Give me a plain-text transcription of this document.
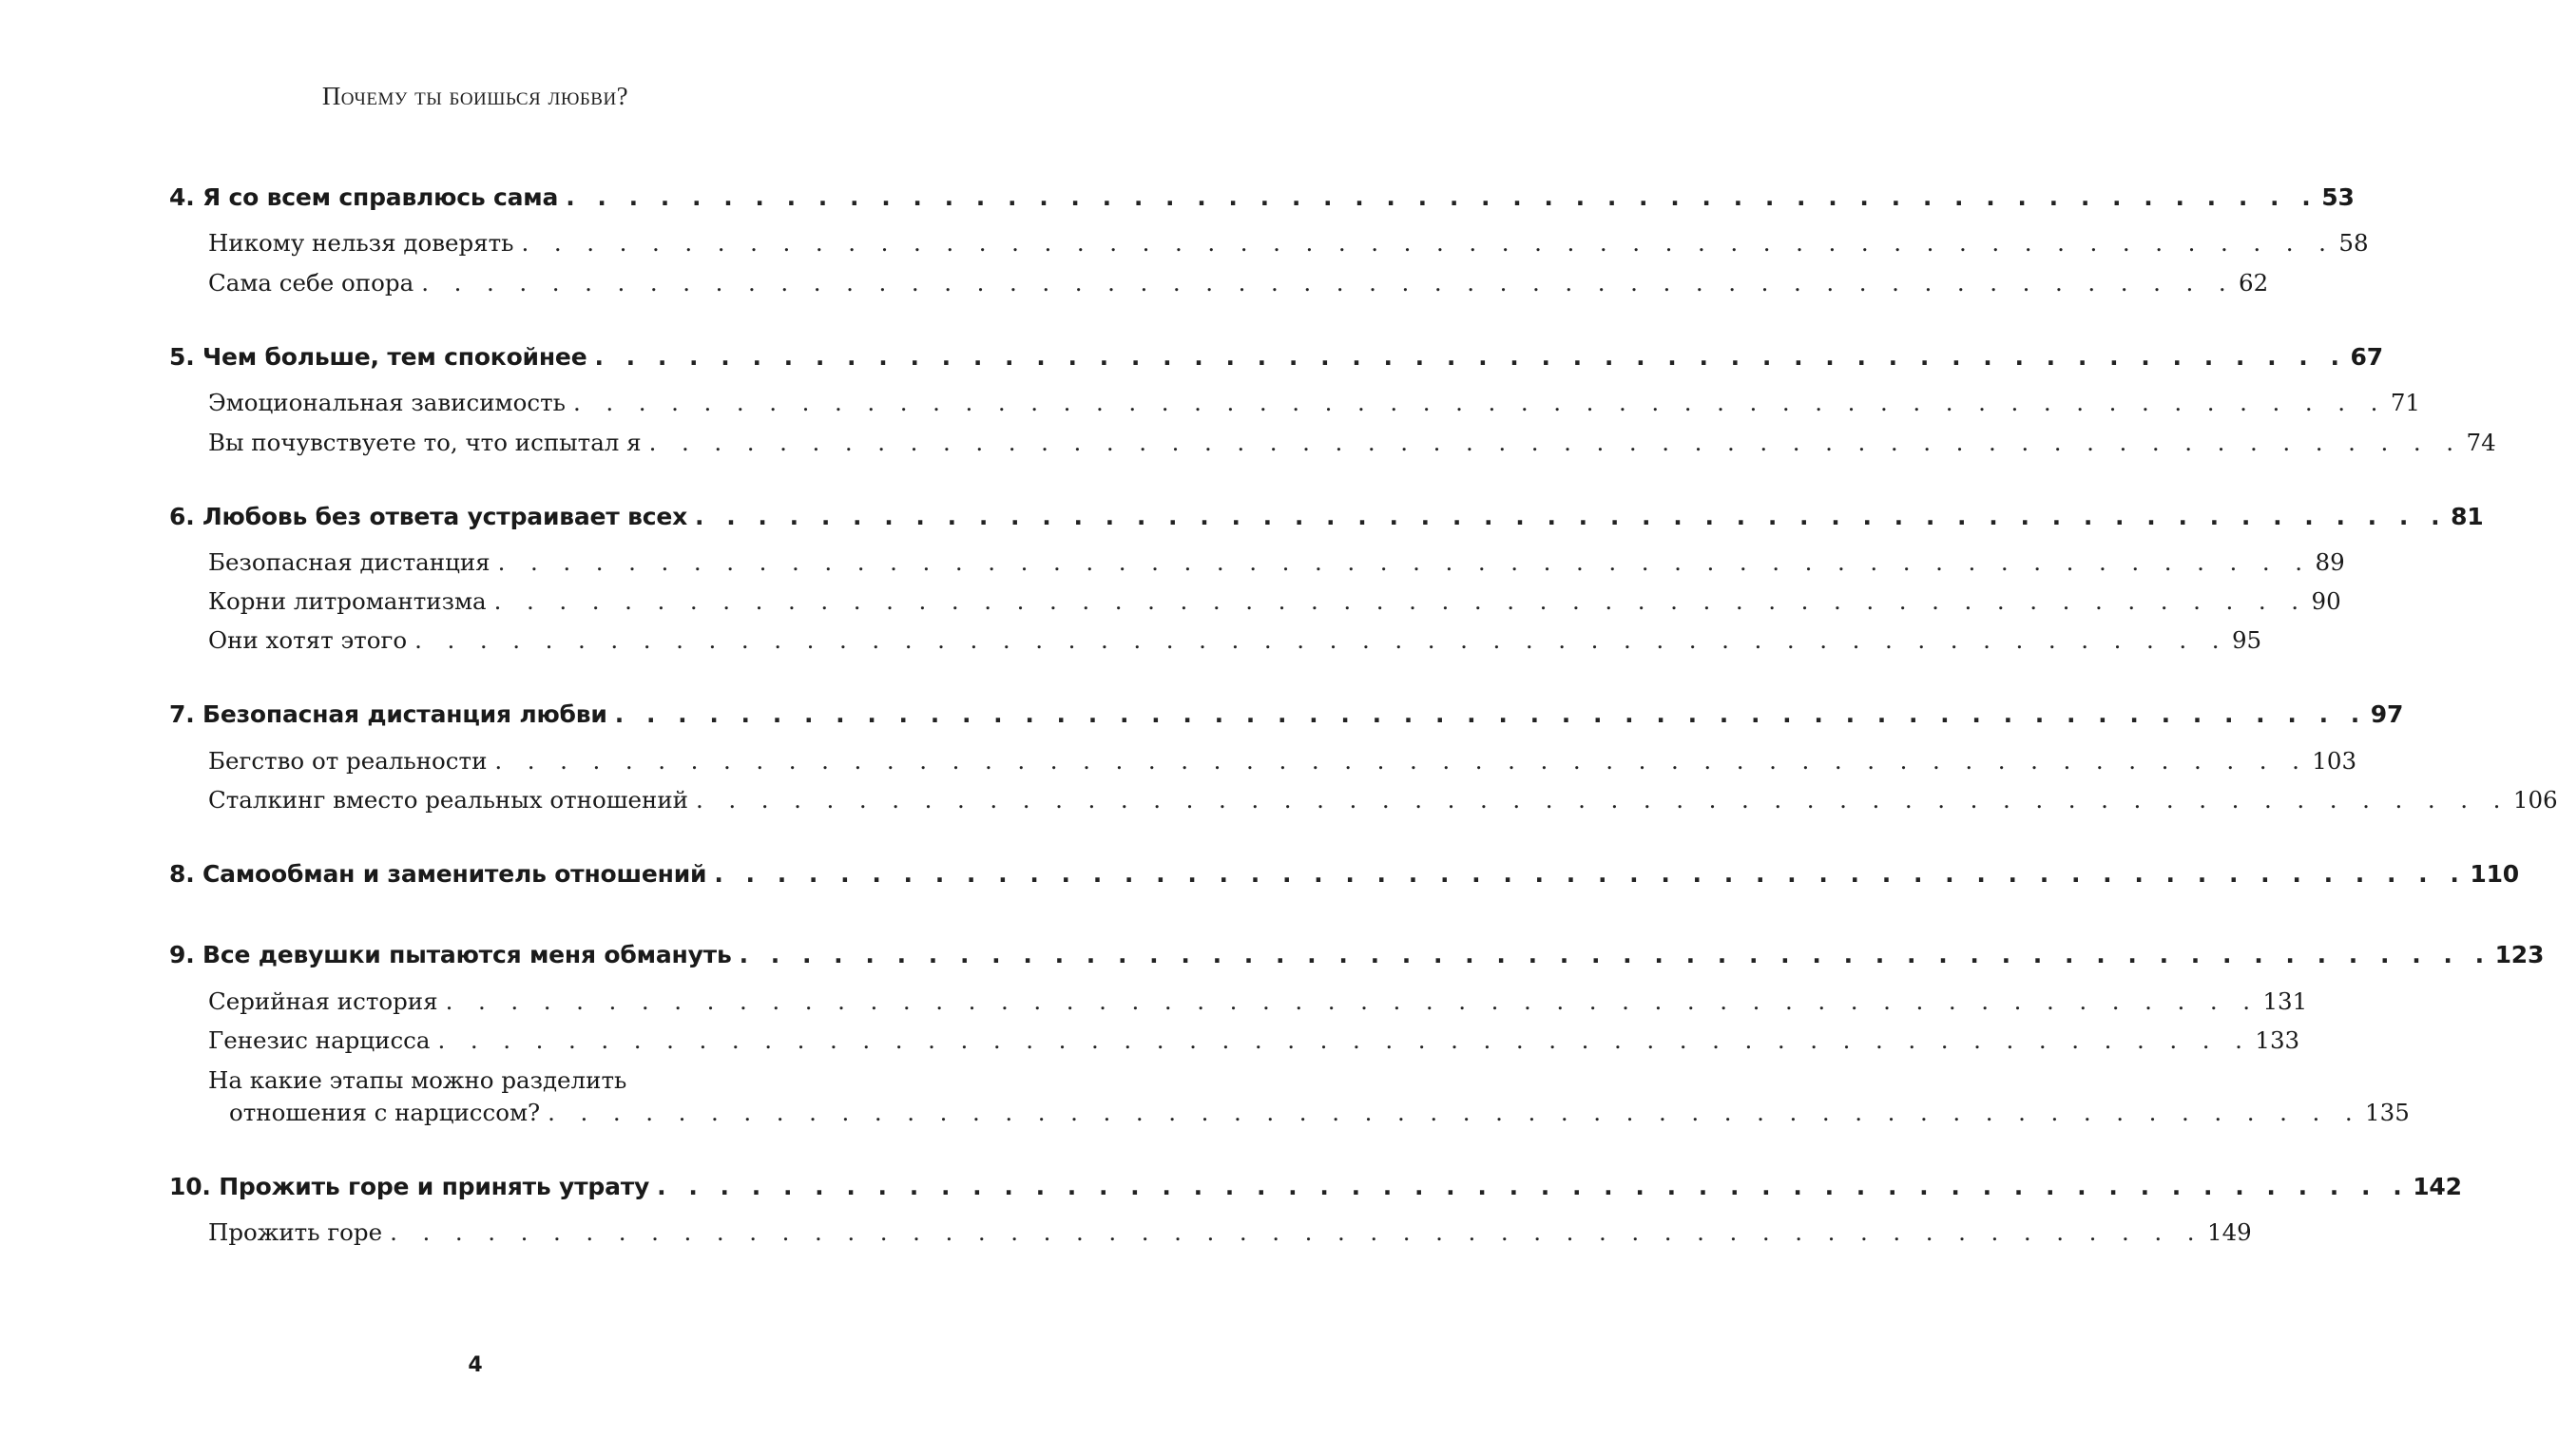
Почему ты боишься любви?
4. Я со всем справлюсь сама . . . . . . . . . . . . . . . . . . . . . . . . . . . . . . . . . . . . . . . . . . . . . . . . . . . . . . . . 53
Никому нельзя доверять . . . . . . . . . . . . . . . . . . . . . . . . . . . . . . . . . . . . . . . . . . . . . . . . . . . . . . . . 58
Сама себе опора . . . . . . . . . . . . . . . . . . . . . . . . . . . . . . . . . . . . . . . . . . . . . . . . . . . . . . . . 62
5. Чем больше, тем спокойнее . . . . . . . . . . . . . . . . . . . . . . . . . . . . . . . . . . . . . . . . . . . . . . . . . . . . . . . . 67
Эмоциональная зависимость . . . . . . . . . . . . . . . . . . . . . . . . . . . . . . . . . . . . . . . . . . . . . . . . . . . . . . . . 71
Вы почувствуете то, что испытал я . . . . . . . . . . . . . . . . . . . . . . . . . . . . . . . . . . . . . . . . . . . . . . . . . . . . . . . . 74
6. Любовь без ответа устраивает всех . . . . . . . . . . . . . . . . . . . . . . . . . . . . . . . . . . . . . . . . . . . . . . . . . . . . . . . . 81
Безопасная дистанция . . . . . . . . . . . . . . . . . . . . . . . . . . . . . . . . . . . . . . . . . . . . . . . . . . . . . . . . 89
Корни литромантизма . . . . . . . . . . . . . . . . . . . . . . . . . . . . . . . . . . . . . . . . . . . . . . . . . . . . . . . . 90
Они хотят этого . . . . . . . . . . . . . . . . . . . . . . . . . . . . . . . . . . . . . . . . . . . . . . . . . . . . . . . . 95
7. Безопасная дистанция любви . . . . . . . . . . . . . . . . . . . . . . . . . . . . . . . . . . . . . . . . . . . . . . . . . . . . . . . . 97
Бегство от реальности . . . . . . . . . . . . . . . . . . . . . . . . . . . . . . . . . . . . . . . . . . . . . . . . . . . . . . . . 103
Сталкинг вместо реальных отношений . . . . . . . . . . . . . . . . . . . . . . . . . . . . . . . . . . . . . . . . . . . . . . . . . . . . . . . . 106
8. Самообман и заменитель отношений . . . . . . . . . . . . . . . . . . . . . . . . . . . . . . . . . . . . . . . . . . . . . . . . . . . . . . . . 110
9. Все девушки пытаются меня обмануть . . . . . . . . . . . . . . . . . . . . . . . . . . . . . . . . . . . . . . . . . . . . . . . . . . . . . . . . 123
Серийная история . . . . . . . . . . . . . . . . . . . . . . . . . . . . . . . . . . . . . . . . . . . . . . . . . . . . . . . . 131
Генезис нарцисса . . . . . . . . . . . . . . . . . . . . . . . . . . . . . . . . . . . . . . . . . . . . . . . . . . . . . . . . 133
На какие этапы можно разделить
отношения с нарциссом? . . . . . . . . . . . . . . . . . . . . . . . . . . . . . . . . . . . . . . . . . . . . . . . . . . . . . . . . 135
10. Прожить горе и принять утрату . . . . . . . . . . . . . . . . . . . . . . . . . . . . . . . . . . . . . . . . . . . . . . . . . . . . . . . . 142
Прожить горе . . . . . . . . . . . . . . . . . . . . . . . . . . . . . . . . . . . . . . . . . . . . . . . . . . . . . . . . 149
4
